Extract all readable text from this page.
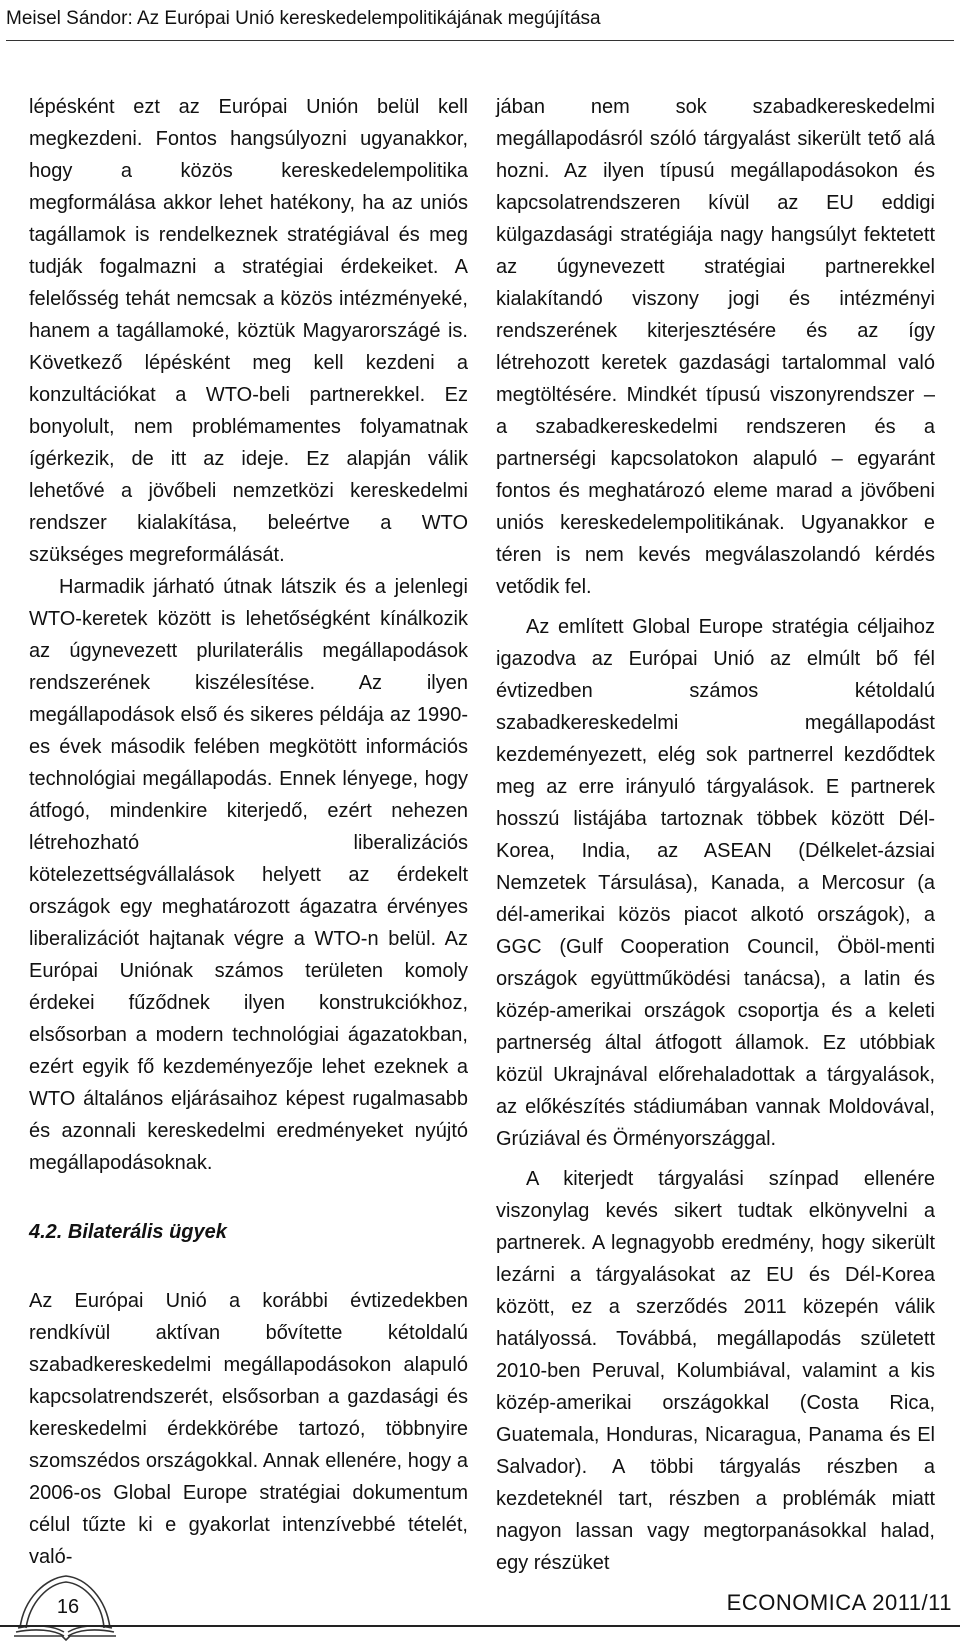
Meisel Sándor: Az Európai Unió kereskedelempolitikájának megújítása

lépésként ezt az Európai Unión belül kell megkezdeni. Fontos hangsúlyozni ugyanakkor, hogy a közös kereskedelempolitika megformálása akkor lehet hatékony, ha az uniós tagállamok is rendelkeznek stratégiával és meg tudják fogalmazni a stratégiai érdekeiket. A felelősség tehát nemcsak a közös intézményeké, hanem a tagállamoké, köztük Magyarországé is. Következő lépésként meg kell kezdeni a konzultációkat a WTO-beli partnerekkel. Ez bonyolult, nem problémamentes folyamatnak ígérkezik, de itt az ideje. Ez alapján válik lehetővé a jövőbeli nemzetközi kereskedelmi rendszer kialakítása, beleértve a WTO szükséges megreformálását.

Harmadik járható útnak látszik és a jelenlegi WTO-keretek között is lehetőségként kínálkozik az úgynevezett plurilaterális megállapodások rendszerének kiszélesítése. Az ilyen megállapodások első és sikeres példája az 1990-es évek második felében megkötött információs technológiai megállapodás. Ennek lényege, hogy átfogó, mindenkire kiterjedő, ezért nehezen létrehozható liberalizációs kötelezettségvállalások helyett az érdekelt országok egy meghatározott ágazatra érvényes liberalizációt hajtanak végre a WTO-n belül. Az Európai Uniónak számos területen komoly érdekei fűződnek ilyen konstrukciókhoz, elsősorban a modern technológiai ágazatokban, ezért egyik fő kezdeményezője lehet ezeknek a WTO általános eljárásaihoz képest rugalmasabb és azonnali kereskedelmi eredményeket nyújtó megállapodásoknak.

4.2. Bilaterális ügyek

Az Európai Unió a korábbi évtizedekben rendkívül aktívan bővítette kétoldalú szabadkereskedelmi megállapodásokon alapuló kapcsolatrendszerét, elsősorban a gazdasági és kereskedelmi érdekkörébe tartozó, többnyire szomszédos országokkal. Annak ellenére, hogy a 2006-os Global Europe stratégiai dokumentum célul tűzte ki e gyakorlat intenzívebbé tételét, való-

jában nem sok szabadkereskedelmi megállapodásról szóló tárgyalást sikerült tető alá hozni. Az ilyen típusú megállapodásokon és kapcsolatrendszeren kívül az EU eddigi külgazdasági stratégiája nagy hangsúlyt fektetett az úgynevezett stratégiai partnerekkel kialakítandó viszony jogi és intézményi rendszerének kiterjesztésére és az így létrehozott keretek gazdasági tartalommal való megtöltésére. Mindkét típusú viszonyrendszer – a szabadkereskedelmi rendszeren és a partnerségi kapcsolatokon alapuló – egyaránt fontos és meghatározó eleme marad a jövőbeni uniós kereskedelempolitikának. Ugyanakkor e téren is nem kevés megválaszolandó kérdés vetődik fel.

Az említett Global Europe stratégia céljaihoz igazodva az Európai Unió az elmúlt bő fél évtizedben számos kétoldalú szabadkereskedelmi megállapodást kezdeményezett, elég sok partnerrel kezdődtek meg az erre irányuló tárgyalások. E partnerek hosszú listájába tartoznak többek között Dél-Korea, India, az ASEAN (Délkelet-ázsiai Nemzetek Társulása), Kanada, a Mercosur (a dél-amerikai közös piacot alkotó országok), a GGC (Gulf Cooperation Council, Öböl-menti országok együttműködési tanácsa), a latin és közép-amerikai országok csoportja és a keleti partnerség által átfogott államok. Ez utóbbiak közül Ukrajnával előrehaladottak a tárgyalások, az előkészítés stádiumában vannak Moldovával, Grúziával és Örményországgal.

A kiterjedt tárgyalási színpad ellenére viszonylag kevés sikert tudtak elkönyvelni a partnerek. A legnagyobb eredmény, hogy sikerült lezárni a tárgyalásokat az EU és Dél-Korea között, ez a szerződés 2011 közepén válik hatályossá. Továbbá, megállapodás született 2010-ben Peruval, Kolumbiával, valamint a kis közép-amerikai országokkal (Costa Rica, Guatemala, Honduras, Nicaragua, Panama és El Salvador). A többi tárgyalás részben a kezdeteknél tart, részben a problémák miatt nagyon lassan vagy megtorpanásokkal halad, egy részüket

16	ECONOMICA 2011/11
